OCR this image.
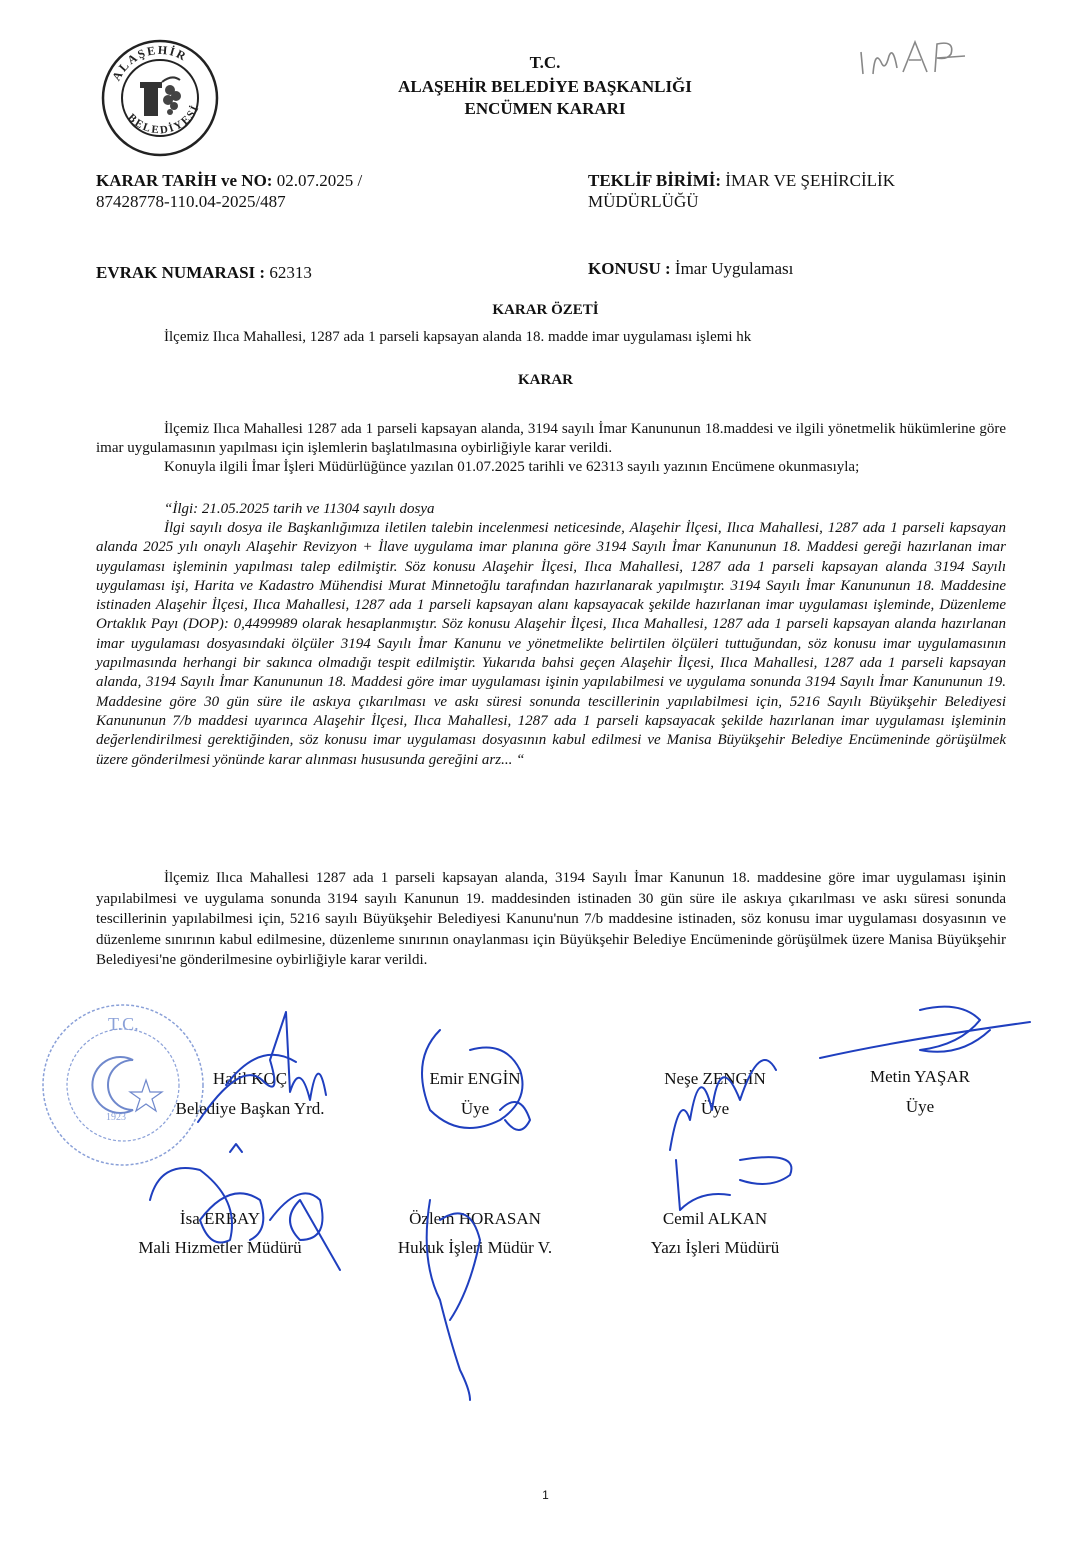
ALAŞEHİR
BELEDİYESİ
T.C.
ALAŞEHİR BELEDİYE BAŞKANLIĞI
ENCÜMEN KARARI
KARAR TARİH ve NO: 02.07.2025 /
87428778-110.04-2025/487
TEKLİF BİRİMİ: İMAR VE ŞEHİRCİLİK
MÜDÜRLÜĞÜ
EVRAK NUMARASI : 62313	KONUSU : İmar Uygulaması
KARAR ÖZETİ
İlçemiz Ilıca Mahallesi, 1287 ada 1 parseli kapsayan alanda 18. madde imar uygulaması işlemi hk
KARAR
İlçemiz Ilıca Mahallesi 1287 ada 1 parseli kapsayan alanda, 3194 sayılı İmar Kanununun 18.maddesi ve ilgili yönetmelik hükümlerine göre imar uygulamasının yapılması için işlemlerin başlatılmasına oybirliğiyle karar verildi.
Konuyla ilgili İmar İşleri Müdürlüğünce yazılan 01.07.2025 tarihli ve 62313 sayılı yazının Encümene okunmasıyla;
“İlgi: 21.05.2025 tarih ve 11304 sayılı dosya
İlgi sayılı dosya ile Başkanlığımıza iletilen talebin incelenmesi neticesinde, Alaşehir İlçesi, Ilıca Mahallesi, 1287 ada 1 parseli kapsayan alanda 2025 yılı onaylı Alaşehir Revizyon + İlave uygulama imar planına göre 3194 Sayılı İmar Kanununun 18. Maddesi gereği hazırlanan imar uygulaması işleminin yapılması talep edilmiştir. Söz konusu Alaşehir İlçesi, Ilıca Mahallesi, 1287 ada 1 parseli kapsayan alanda 3194 Sayılı uygulaması işi, Harita ve Kadastro Mühendisi Murat Minnetoğlu tarafından hazırlanarak yapılmıştır. 3194 Sayılı İmar Kanununun 18. Maddesine istinaden Alaşehir İlçesi, Ilıca Mahallesi, 1287 ada 1 parseli kapsayan alanı kapsayacak şekilde hazırlanan imar uygulaması işleminde, Düzenleme Ortaklık Payı (DOP): 0,4499989 olarak hesaplanmıştır. Söz konusu Alaşehir İlçesi, Ilıca Mahallesi, 1287 ada 1 parseli kapsayan alanda hazırlanan imar uygulaması dosyasındaki ölçüler 3194 Sayılı İmar Kanunu ve yönetmelikte belirtilen ölçüleri tuttuğundan, söz konusu imar uygulamasının yapılmasında herhangi bir sakınca olmadığı tespit edilmiştir. Yukarıda bahsi geçen Alaşehir İlçesi, Ilıca Mahallesi, 1287 ada 1 parseli kapsayan alanda, 3194 Sayılı İmar Kanununun 18. Maddesi göre imar uygulaması işinin yapılabilmesi ve uygulama sonunda 3194 Sayılı İmar Kanununun 19. Maddesine göre 30 gün süre ile askıya çıkarılması ve askı süresi sonunda tescillerinin yapılabilmesi için, 5216 Sayılı Büyükşehir Belediyesi Kanununun 7/b maddesi uyarınca Alaşehir İlçesi, Ilıca Mahallesi, 1287 ada 1 parseli kapsayacak şekilde hazırlanan imar uygulaması işleminin değerlendirilmesi gerektiğinden, söz konusu imar uygulaması dosyasının kabul edilmesi ve Manisa Büyükşehir Belediye Encümeninde görüşülmek üzere gönderilmesi yönünde karar alınması hususunda gereğini arz... “
İlçemiz Ilıca Mahallesi 1287 ada 1 parseli kapsayan alanda, 3194 Sayılı İmar Kanunun 18. maddesine göre imar uygulaması işinin yapılabilmesi ve uygulama sonunda 3194 sayılı Kanunun 19. maddesinden istinaden 30 gün süre ile askıya çıkarılması ve askı süresi sonunda tescillerinin yapılabilmesi için, 5216 sayılı Büyükşehir Belediyesi Kanunu'nun 7/b maddesine istinaden, söz konusu imar uygulaması dosyasının ve düzenleme sınırının kabul edilmesine, düzenleme sınırının onaylanması için Büyükşehir Belediye Encümeninde görüşülmek üzere Manisa Büyükşehir Belediyesi'ne gönderilmesine oybirliğiyle karar verildi.
T.C.
1923
Halil KOÇ
Belediye Başkan Yrd.
Emir ENGİN
Üye
Neşe ZENGİN
Üye
Metin YAŞAR
Üye
İsa ERBAY
Mali Hizmetler Müdürü
Özlem HORASAN
Hukuk İşleri Müdür V.
Cemil ALKAN
Yazı İşleri Müdürü
1
